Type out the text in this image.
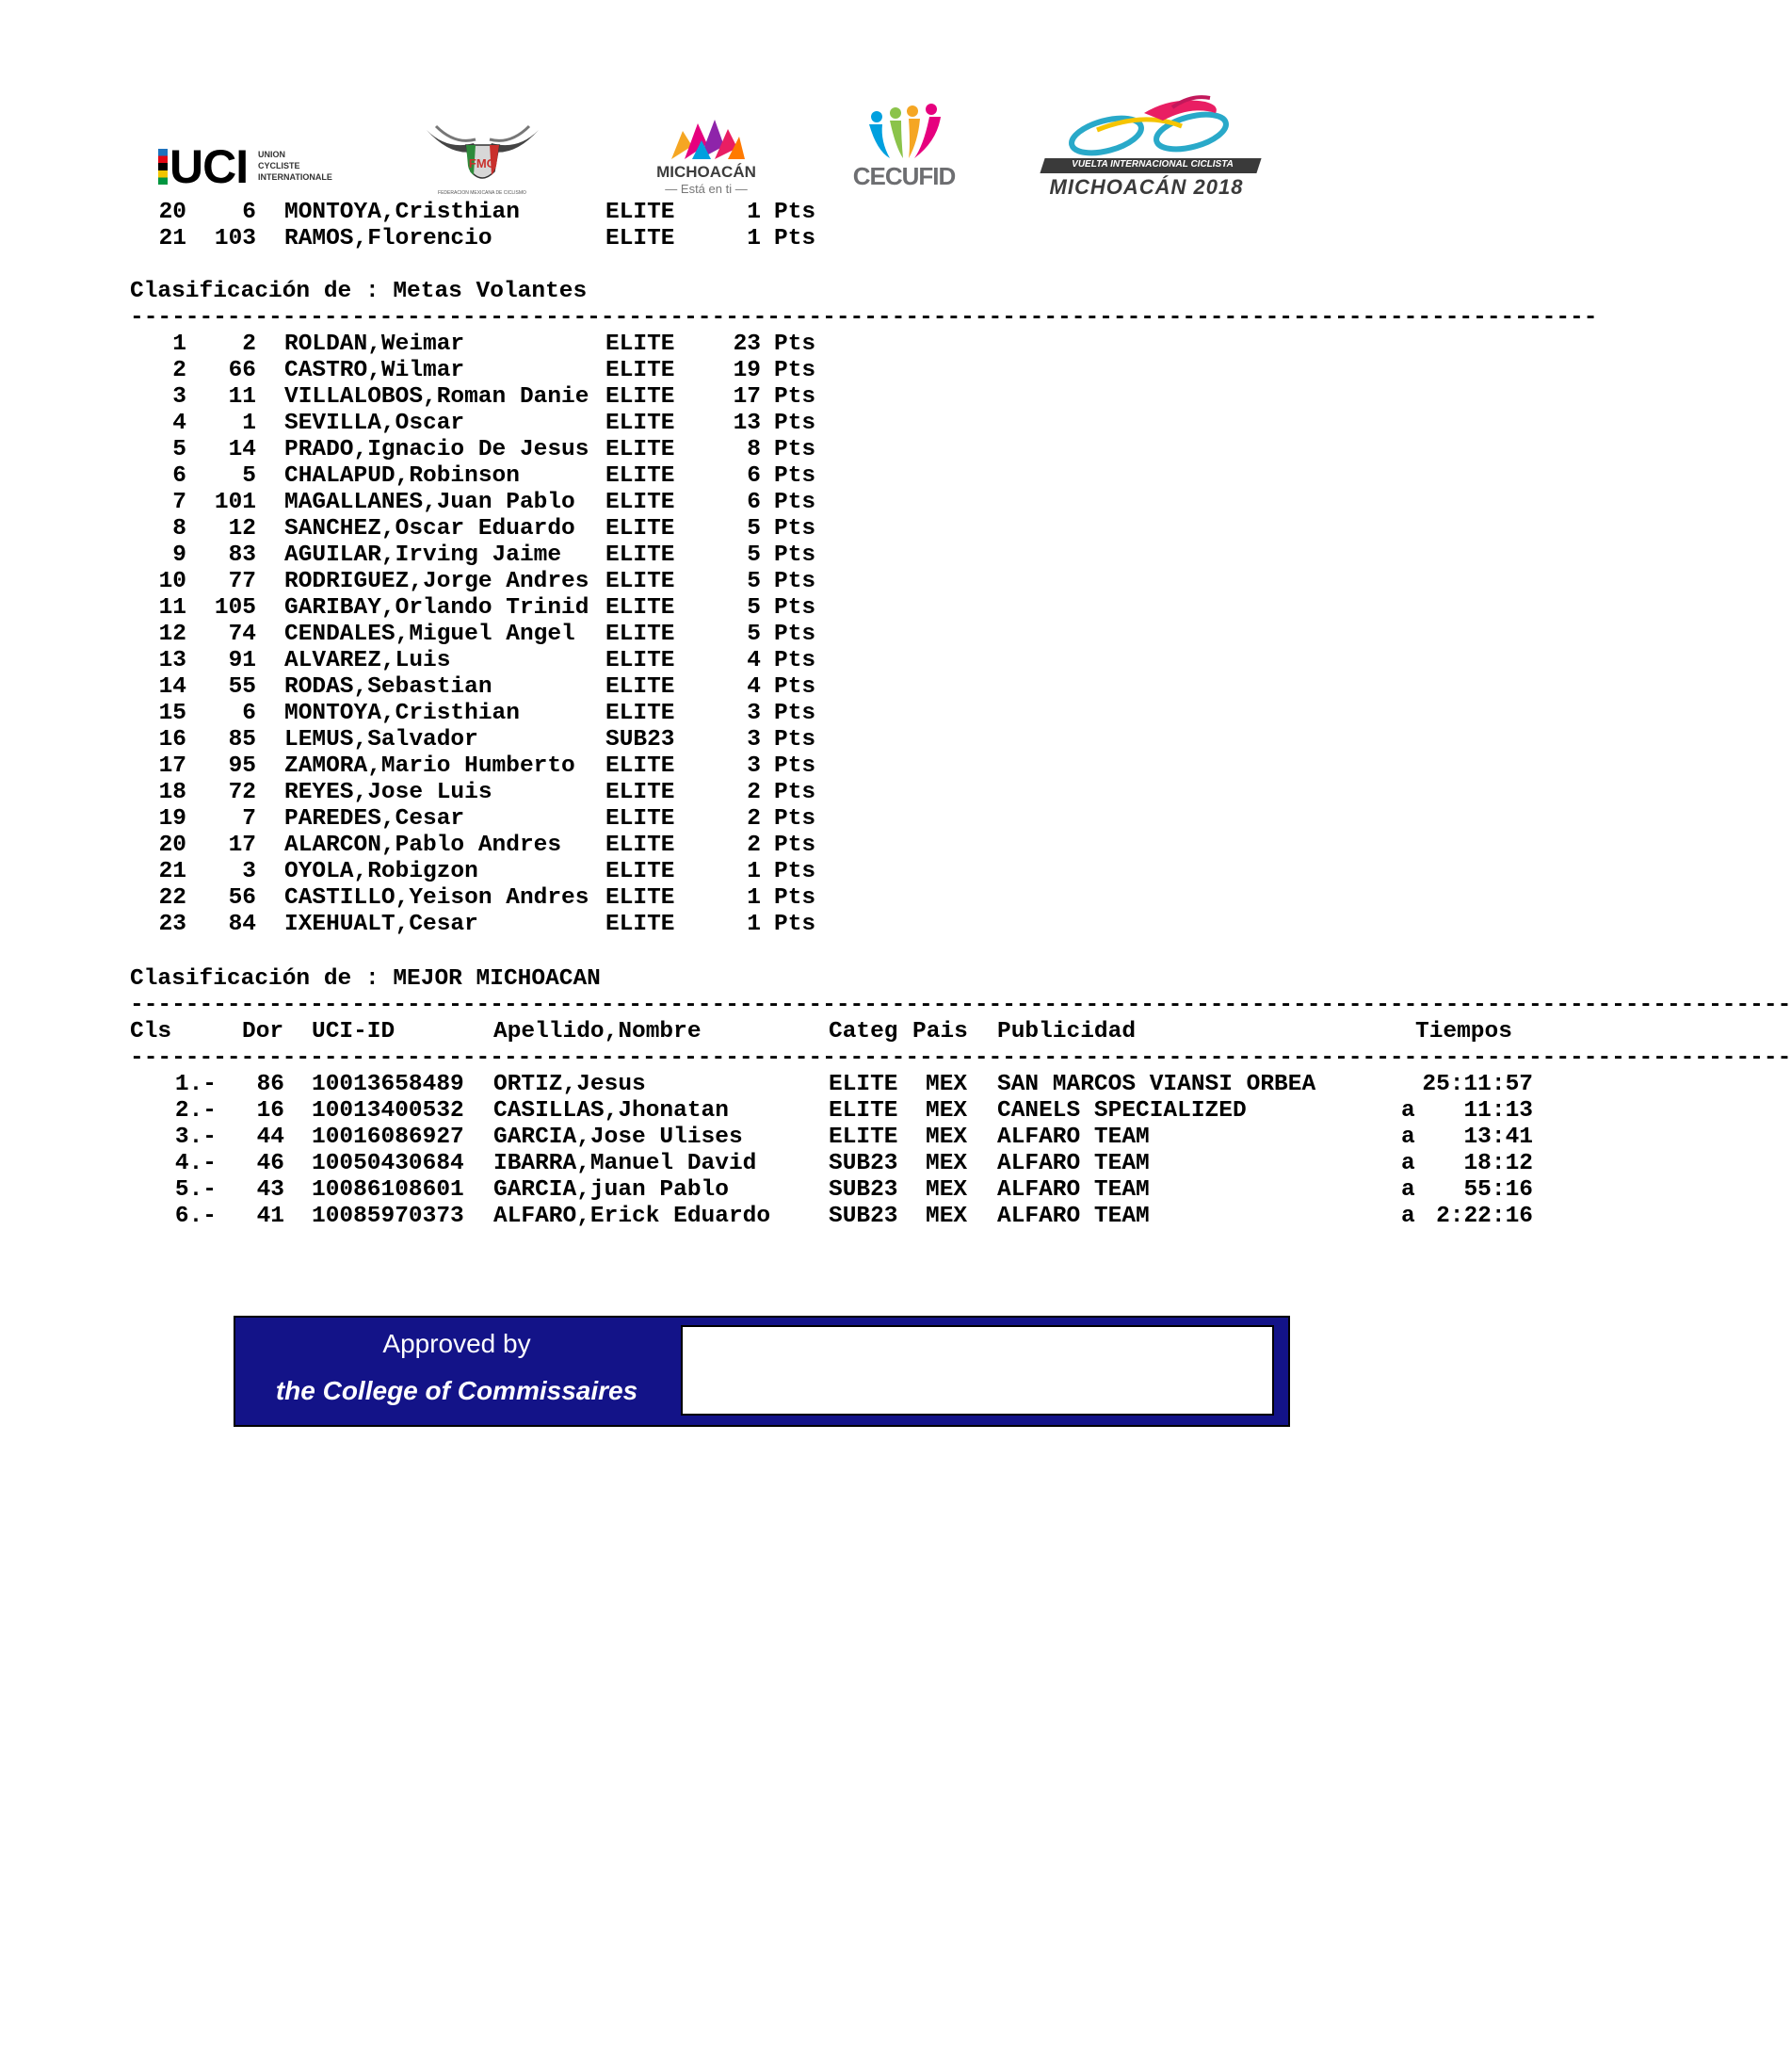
UCI UNION
CYCLISTE
INTERNATIONALE
FMC
FEDERACION MEXICANA DE CICLISMO
MICHOACÁN
— Está en ti —	CECUFID	VUELTA INTERNACIONAL CICLISTA
MICHOACÁN 2018
20	6 MONTOYA,Cristhian	ELITE	1 Pts
21	103 RAMOS,Florencio	ELITE	1 Pts
Clasificación de : Metas Volantes
----------------------------------------------------------------------------------------------------------
1	2 ROLDAN,Weimar	ELITE	23 Pts
2	66 CASTRO,Wilmar	ELITE	19 Pts
3	11 VILLALOBOS,Roman Danie ELITE	17 Pts
4	1 SEVILLA,Oscar	ELITE	13 Pts
5	14 PRADO,Ignacio De Jesus ELITE	8 Pts
6	5 CHALAPUD,Robinson	ELITE	6 Pts
7	101 MAGALLANES,Juan Pablo	ELITE	6 Pts
8	12 SANCHEZ,Oscar Eduardo	ELITE	5 Pts
9	83 AGUILAR,Irving Jaime	ELITE	5 Pts
10	77 RODRIGUEZ,Jorge Andres ELITE	5 Pts
11	105 GARIBAY,Orlando Trinid ELITE	5 Pts
12	74 CENDALES,Miguel Angel	ELITE	5 Pts
13	91 ALVAREZ,Luis	ELITE	4 Pts
14	55 RODAS,Sebastian	ELITE	4 Pts
15	6 MONTOYA,Cristhian	ELITE	3 Pts
16	85 LEMUS,Salvador	SUB23	3 Pts
17	95 ZAMORA,Mario Humberto	ELITE	3 Pts
18	72 REYES,Jose Luis	ELITE	2 Pts
19	7 PAREDES,Cesar	ELITE	2 Pts
20	17 ALARCON,Pablo Andres	ELITE	2 Pts
21	3 OYOLA,Robigzon	ELITE	1 Pts
22	56 CASTILLO,Yeison Andres ELITE	1 Pts
23	84 IXEHUALT,Cesar	ELITE	1 Pts
Clasificación de : MEJOR MICHOACAN
------------------------------------------------------------------------------------------------------------------------
Cls	Dor UCI-ID	Apellido,Nombre	Categ Pais Publicidad	Tiempos
------------------------------------------------------------------------------------------------------------------------
1.-	86 10013658489	ORTIZ,Jesus	ELITE MEX	SAN MARCOS VIANSI ORBEA	25:11:57
2.-	16 10013400532	CASILLAS,Jhonatan	ELITE MEX	CANELS SPECIALIZED	a	11:13
3.-	44 10016086927	GARCIA,Jose Ulises	ELITE MEX	ALFARO TEAM	a	13:41
4.-	46 10050430684	IBARRA,Manuel David	SUB23 MEX	ALFARO TEAM	a	18:12
5.-	43 10086108601	GARCIA,juan Pablo	SUB23 MEX	ALFARO TEAM	a	55:16
6.-	41 10085970373	ALFARO,Erick Eduardo	SUB23 MEX	ALFARO TEAM	a 2:22:16
Approved by
the College of Commissaires
